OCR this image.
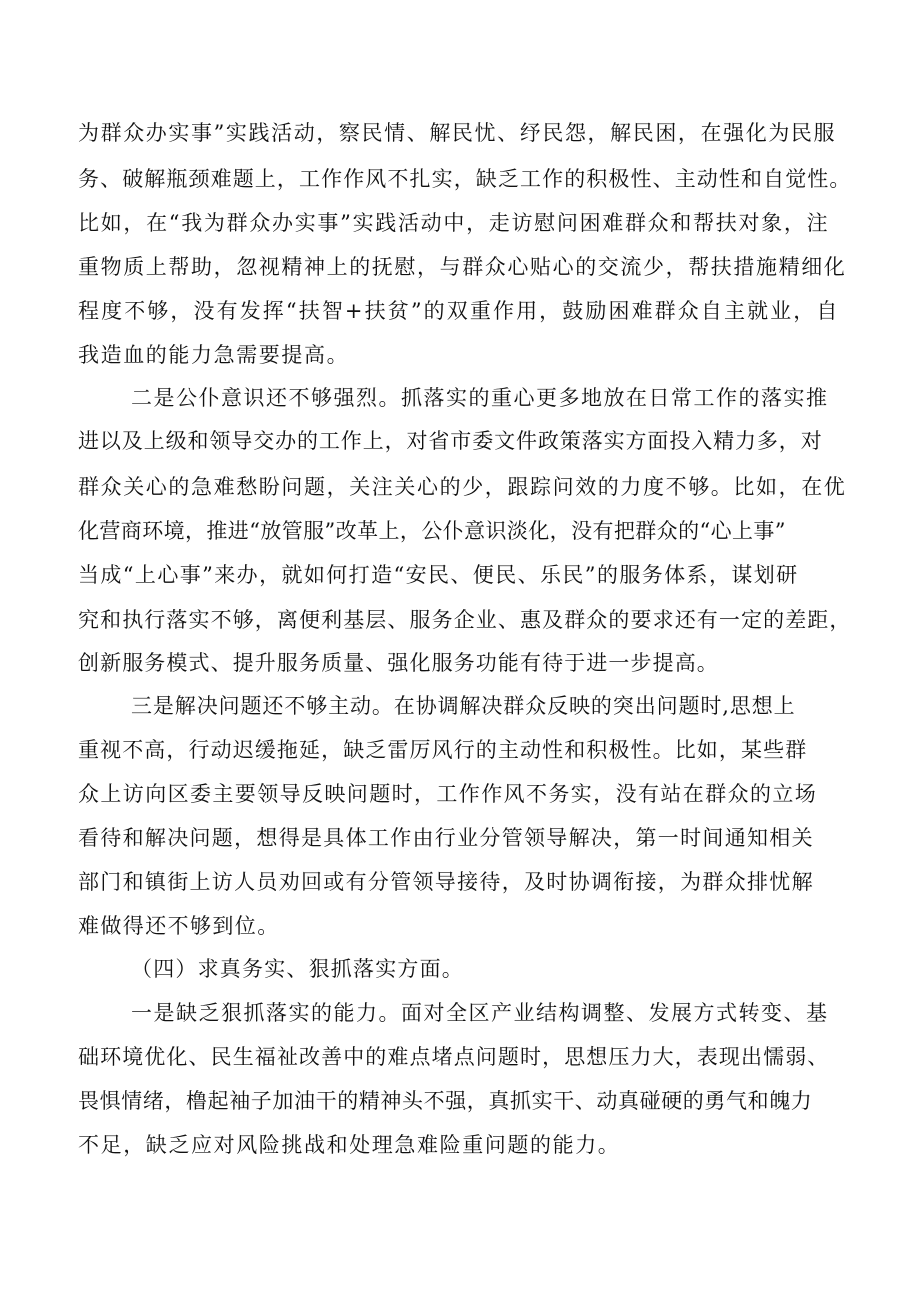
为群众办实事”实践活动，察民情、解民忧、纾民怨，解民困，在强化为民服
务、破解瓶颈难题上，工作作风不扎实，缺乏工作的积极性、主动性和自觉性。
比如，在“我为群众办实事”实践活动中，走访慰问困难群众和帮扶对象，注
重物质上帮助，忽视精神上的抚慰，与群众心贴心的交流少，帮扶措施精细化
程度不够，没有发挥“扶智+扶贫”的双重作用，鼓励困难群众自主就业，自
我造血的能力急需要提高。
二是公仆意识还不够强烈。抓落实的重心更多地放在日常工作的落实推
进以及上级和领导交办的工作上，对省市委文件政策落实方面投入精力多，对
群众关心的急难愁盼问题，关注关心的少，跟踪问效的力度不够。比如，在优
化营商环境，推进“放管服”改革上，公仆意识淡化，没有把群众的“心上事”
当成“上心事”来办，就如何打造“安民、便民、乐民”的服务体系，谋划研
究和执行落实不够，离便利基层、服务企业、惠及群众的要求还有一定的差距，
创新服务模式、提升服务质量、强化服务功能有待于进一步提高。
三是解决问题还不够主动。在协调解决群众反映的突出问题时,思想上
重视不高，行动迟缓拖延，缺乏雷厉风行的主动性和积极性。比如，某些群
众上访向区委主要领导反映问题时，工作作风不务实，没有站在群众的立场
看待和解决问题，想得是具体工作由行业分管领导解决，第一时间通知相关
部门和镇街上访人员劝回或有分管领导接待，及时协调衔接，为群众排忧解
难做得还不够到位。
（四）求真务实、狠抓落实方面。
一是缺乏狠抓落实的能力。面对全区产业结构调整、发展方式转变、基
础环境优化、民生福祉改善中的难点堵点问题时，思想压力大，表现出懦弱、
畏惧情绪，橹起袖子加油干的精神头不强，真抓实干、动真碰硬的勇气和魄力
不足，缺乏应对风险挑战和处理急难险重问题的能力。
